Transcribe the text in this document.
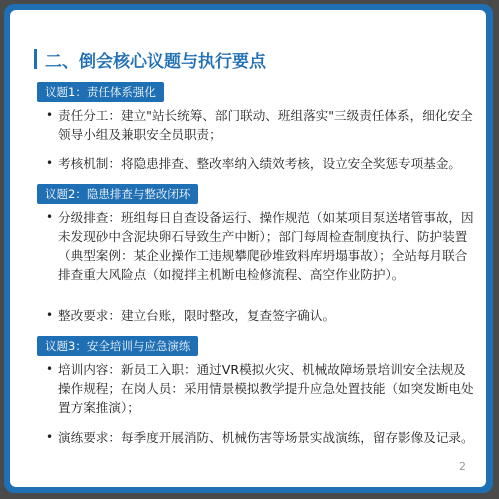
二、倒会核心议题与执行要点
议题1：责任体系强化
• 责任分工：建立"站长统筹、部门联动、班组落实"三级责任体系，细化安全领导小组及兼职安全员职责；
• 考核机制：将隐患排查、整改率纳入绩效考核，设立安全奖惩专项基金。
议题2：隐患排查与整改闭环
• 分级排查：班组每日自查设备运行、操作规范（如某项目泵送堵管事故，因未发现砂中含泥块卵石导致生产中断）；部门每周检查制度执行、防护装置（典型案例：某企业操作工违规攀爬砂堆致料库坍塌事故）；全站每月联合排查重大风险点（如搅拌主机断电检修流程、高空作业防护）。
• 整改要求：建立台账，限时整改，复查签字确认。
议题3：安全培训与应急演练
• 培训内容：新员工入职：通过VR模拟火灾、机械故障场景培训安全法规及操作规程；在岗人员：采用情景模拟教学提升应急处置技能（如突发断电处置方案推演）；
• 演练要求：每季度开展消防、机械伤害等场景实战演练，留存影像及记录。
2
